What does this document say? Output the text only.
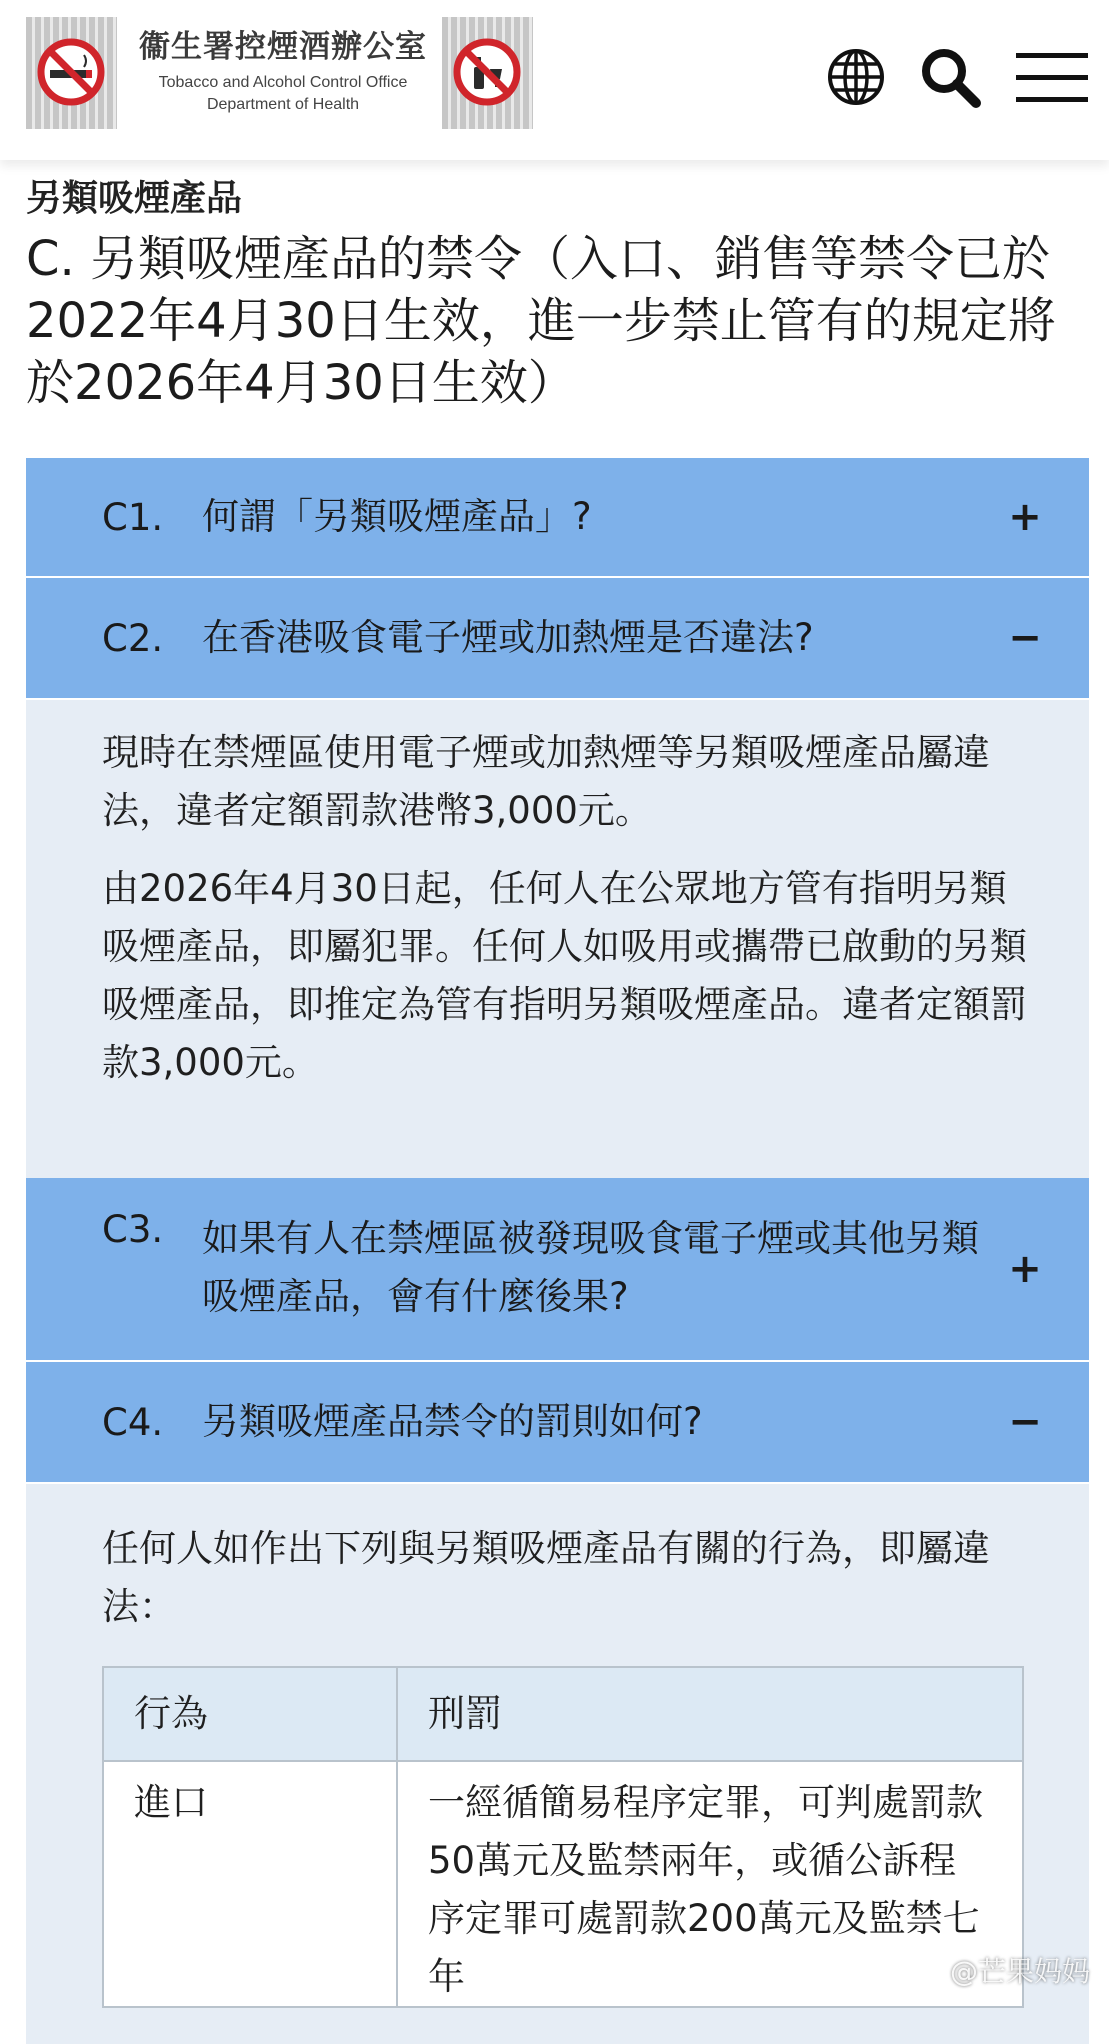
衞生署控煙酒辦公室
Tobacco and Alcohol Control Office
Department of Health
另類吸煙產品
C. 另類吸煙產品的禁令（入口、銷售等禁令已於2022年4月30日生效，進一步禁止管有的規定將於2026年4月30日生效）
C1. 何謂「另類吸煙產品」?	+
C2. 在香港吸食電子煙或加熱煙是否違法?	−

現時在禁煙區使用電子煙或加熱煙等另類吸煙產品屬違法，違者定額罰款港幣3,000元。

由2026年4月30日起，任何人在公眾地方管有指明另類吸煙產品，即屬犯罪。任何人如吸用或攜帶已啟動的另類吸煙產品，即推定為管有指明另類吸煙產品。違者定額罰款3,000元。

C3. 如果有人在禁煙區被發現吸食電子煙或其他另類吸煙產品，會有什麼後果?
+
C4. 另類吸煙產品禁令的罰則如何?	−

任何人如作出下列與另類吸煙產品有關的行為，即屬違法：

行為	刑罰
進口	一經循簡易程序定罪，可判處罰款50萬元及監禁兩年，或循公訴程序定罪可處罰款200萬元及監禁七年	@芒果妈妈
